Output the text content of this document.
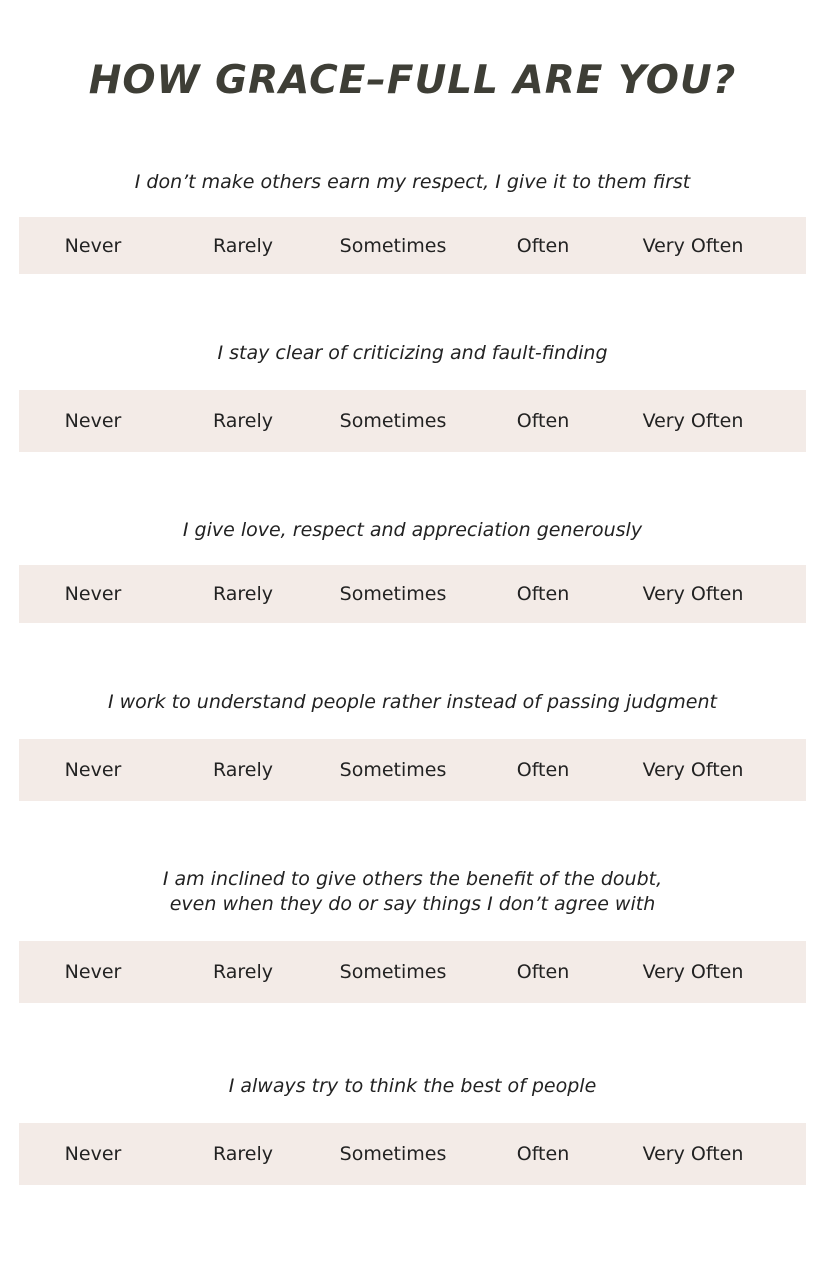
HOW GRACE–FULL ARE YOU?

I don’t make others earn my respect, I give it to them first

Never	Rarely	Sometimes	Often	Very Often

I stay clear of criticizing and fault-finding

Never	Rarely	Sometimes	Often	Very Often

I give love, respect and appreciation generously

Never	Rarely	Sometimes	Often	Very Often

I work to understand people rather instead of passing judgment

Never	Rarely	Sometimes	Often	Very Often

I am inclined to give others the benefit of the doubt,
even when they do or say things I don’t agree with

Never	Rarely	Sometimes	Often	Very Often

I always try to think the best of people

Never	Rarely	Sometimes	Often	Very Often
